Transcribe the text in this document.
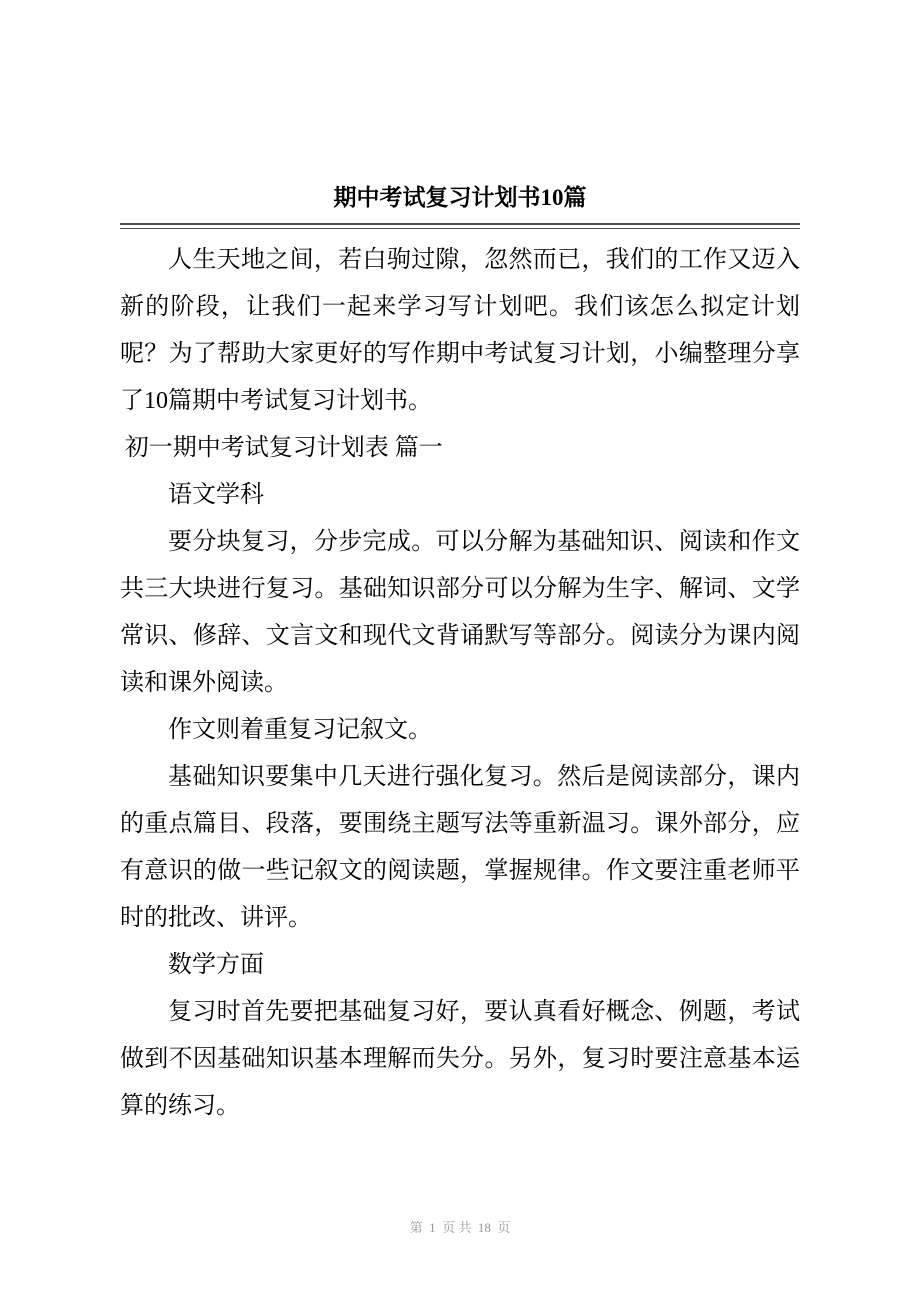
期中考试复习计划书10篇

人生天地之间，若白驹过隙，忽然而已，我们的工作又迈入新的阶段，让我们一起来学习写计划吧。我们该怎么拟定计划呢？为了帮助大家更好的写作期中考试复习计划，小编整理分享了10篇期中考试复习计划书。

初一期中考试复习计划表 篇一

语文学科

要分块复习，分步完成。可以分解为基础知识、阅读和作文共三大块进行复习。基础知识部分可以分解为生字、解词、文学常识、修辞、文言文和现代文背诵默写等部分。阅读分为课内阅读和课外阅读。

作文则着重复习记叙文。

基础知识要集中几天进行强化复习。然后是阅读部分，课内的重点篇目、段落，要围绕主题写法等重新温习。课外部分，应有意识的做一些记叙文的阅读题，掌握规律。作文要注重老师平时的批改、讲评。

数学方面

复习时首先要把基础复习好，要认真看好概念、例题，考试做到不因基础知识基本理解而失分。另外，复习时要注意基本运算的练习。

第  1  页 共  18  页
